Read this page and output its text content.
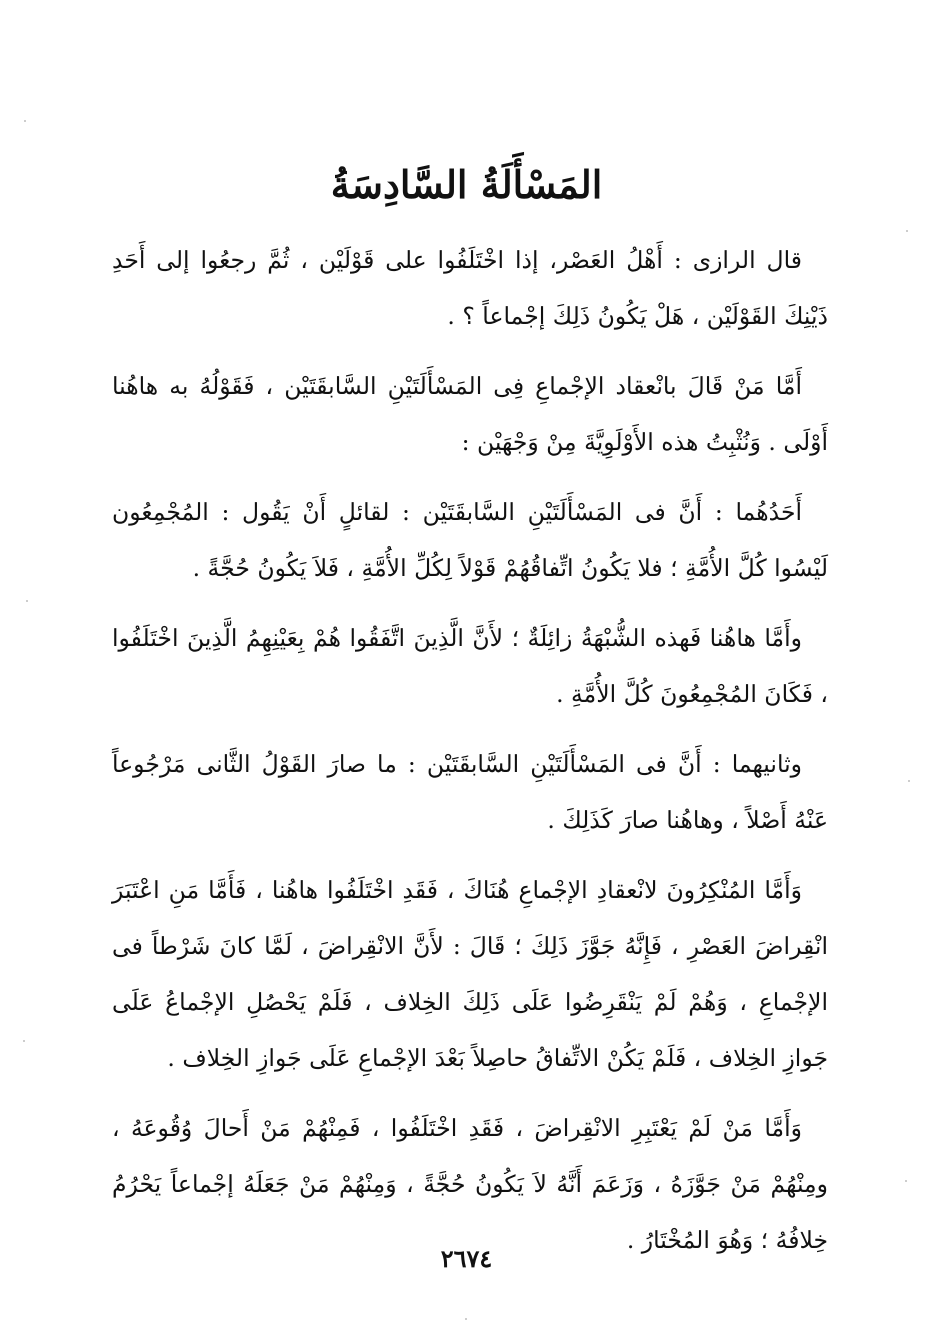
المَسْأَلَةُ السَّادِسَةُ

قال الرازى : أَهْلُ العَصْر، إذا اخْتَلَفُوا على قَوْلَيْن ، ثُمَّ رجعُوا إلى أَحَدِ ذَيْنِكَ القَوْلَيْن ، هَلْ يَكُونُ ذَلِكَ إجْماعاً ؟ .

أَمَّا مَنْ قَالَ بانْعقاد الإجْماعِ فِى المَسْأَلَتَيْنِ السَّابقَتَيْن ، فَقَوْلُهُ به هاهُنا أَوْلَى . وَنُثْبِتُ هذه الأَوْلَوِيَّةَ مِنْ وَجْهَيْن :

أَحَدُهُما : أَنَّ فى المَسْأَلَتَيْنِ السَّابقَتَيْن : لقائلٍ أَنْ يَقُول : المُجْمِعُون لَيْسُوا كُلَّ الأُمَّةِ ؛ فلا يَكُونُ اتِّفاقُهُمْ قَوْلاً لِكُلِّ الأُمَّةِ ، فَلاَ يَكُونُ حُجَّةً .

وأَمَّا هاهُنا فَهذه الشُّبْهَةُ زائِلَةٌ ؛ لأَنَّ الَّذِينَ اتَّفَقُوا هُمْ بِعَيْنِهِمُ الَّذِينَ اخْتَلَفُوا ، فَكَانَ المُجْمِعُونَ كُلَّ الأُمَّةِ .

وثانيهما : أَنَّ فى المَسْأَلَتَيْنِ السَّابقَتَيْن : ما صارَ القَوْلُ الثَّانى مَرْجُوعاً عَنْهُ أَصْلاً ، وهاهُنا صارَ كَذَلِكَ .

وَأَمَّا المُنْكِرُونَ لانْعقادِ الإجْماعِ هُنَاكَ ، فَقَدِ اخْتَلَفُوا هاهُنا ، فَأَمَّا مَنِ اعْتَبَرَ انْقِراضَ العَصْرِ ، فَإِنَّهُ جَوَّزَ ذَلِكَ ؛ قَالَ : لأَنَّ الانْقِراضَ ، لَمَّا كانَ شَرْطاً فى الإجْماعِ ، وَهُمْ لَمْ يَنْقَرِضُوا عَلَى ذَلِكَ الخِلاف ، فَلَمْ يَحْصُلِ الإجْماعُ عَلَى جَوازِ الخِلاف ، فَلَمْ يَكُنْ الاتِّفاقُ حاصِلاً بَعْدَ الإجْماعِ عَلَى جَوازِ الخِلاف .

وَأَمَّا مَنْ لَمْ يَعْتَبِرِ الانْقِراضَ ، فَقَدِ اخْتَلَفُوا ، فَمِنْهُمْ مَنْ أَحالَ وُقُوعَهُ ، ومِنْهُمْ مَنْ جَوَّزَهُ ، وَزَعَمَ أَنَّهُ لاَ يَكُونُ حُجَّةً ، وَمِنْهُمْ مَنْ جَعَلَهُ إجْماعاً يَحْرُمُ خِلافُهُ ؛ وَهُوَ المُخْتَارُ .

٢٦٧٤
